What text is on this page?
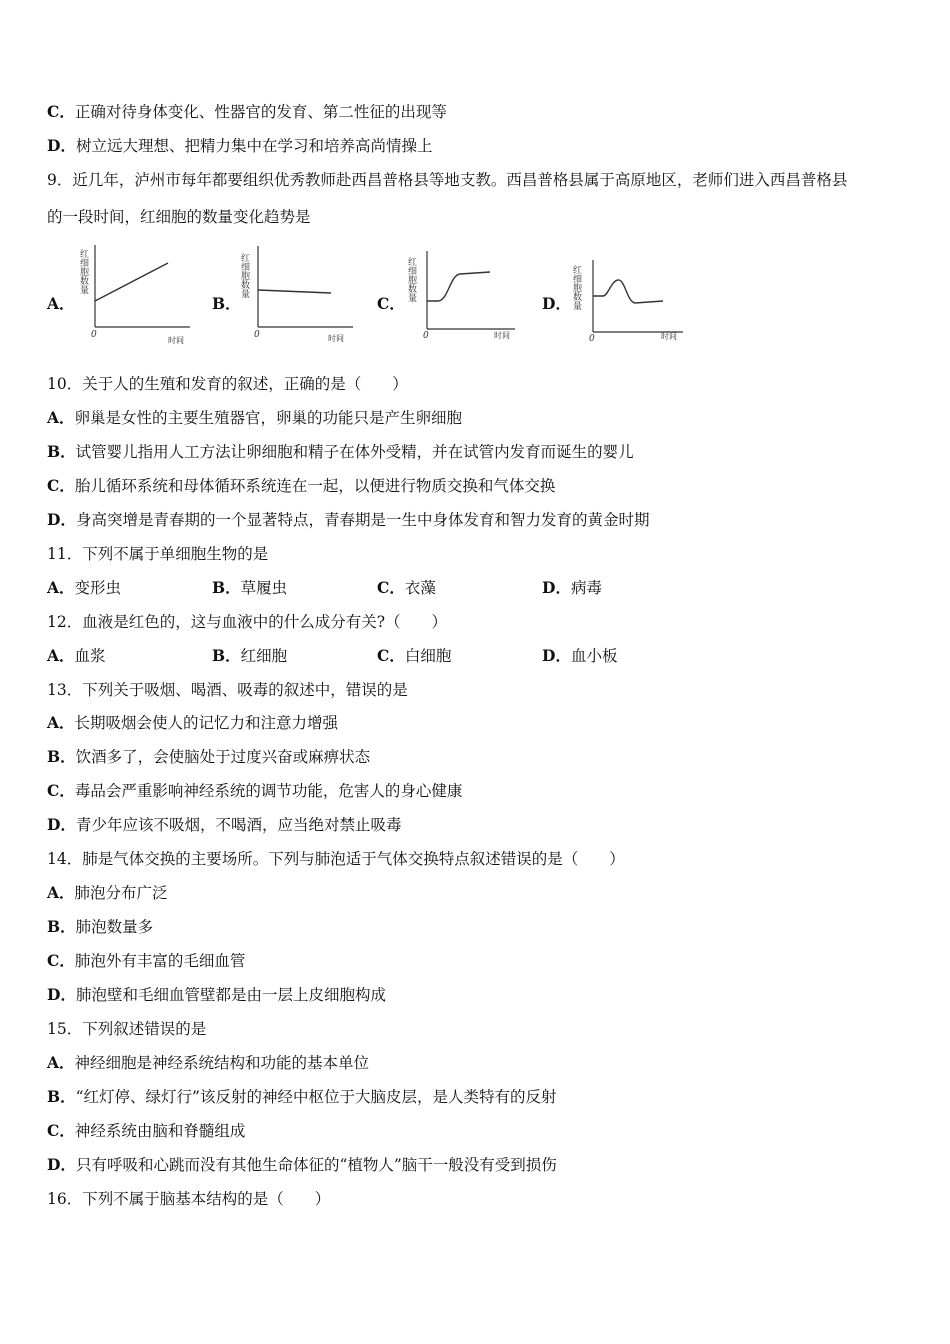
C．正确对待身体变化、性器官的发育、第二性征的出现等
D．树立远大理想、把精力集中在学习和培养高尚情操上
9．近几年，泸州市每年都要组织优秀教师赴西昌普格县等地支教。西昌普格县属于高原地区，老师们进入西昌普格县
的一段时间，红细胞的数量变化趋势是
A．	B．	C．	D．
红细胞数量
0
时间
红细胞数量
0	时间
红细胞数量
0	时间
红细胞数量
0	时间
10．关于人的生殖和发育的叙述，正确的是（　　）
A．卵巢是女性的主要生殖器官，卵巢的功能只是产生卵细胞
B．试管婴儿指用人工方法让卵细胞和精子在体外受精，并在试管内发育而诞生的婴儿
C．胎儿循环系统和母体循环系统连在一起，以便进行物质交换和气体交换
D．身高突增是青春期的一个显著特点，青春期是一生中身体发育和智力发育的黄金时期
11．下列不属于单细胞生物的是
A．变形虫	B．草履虫	C．衣藻	D．病毒
12．血液是红色的，这与血液中的什么成分有关?（　　）
A．血浆	B．红细胞	C．白细胞	D．血小板
13．下列关于吸烟、喝酒、吸毒的叙述中，错误的是
A．长期吸烟会使人的记忆力和注意力增强
B．饮酒多了，会使脑处于过度兴奋或麻痹状态
C．毒品会严重影响神经系统的调节功能，危害人的身心健康
D．青少年应该不吸烟，不喝酒，应当绝对禁止吸毒
14．肺是气体交换的主要场所。下列与肺泡适于气体交换特点叙述错误的是（　　）
A．肺泡分布广泛
B．肺泡数量多
C．肺泡外有丰富的毛细血管
D．肺泡壁和毛细血管壁都是由一层上皮细胞构成
15．下列叙述错误的是
A．神经细胞是神经系统结构和功能的基本单位
B．“红灯停、绿灯行”该反射的神经中枢位于大脑皮层，是人类特有的反射
C．神经系统由脑和脊髓组成
D．只有呼吸和心跳而没有其他生命体征的“植物人”脑干一般没有受到损伤
16．下列不属于脑基本结构的是（　　）
